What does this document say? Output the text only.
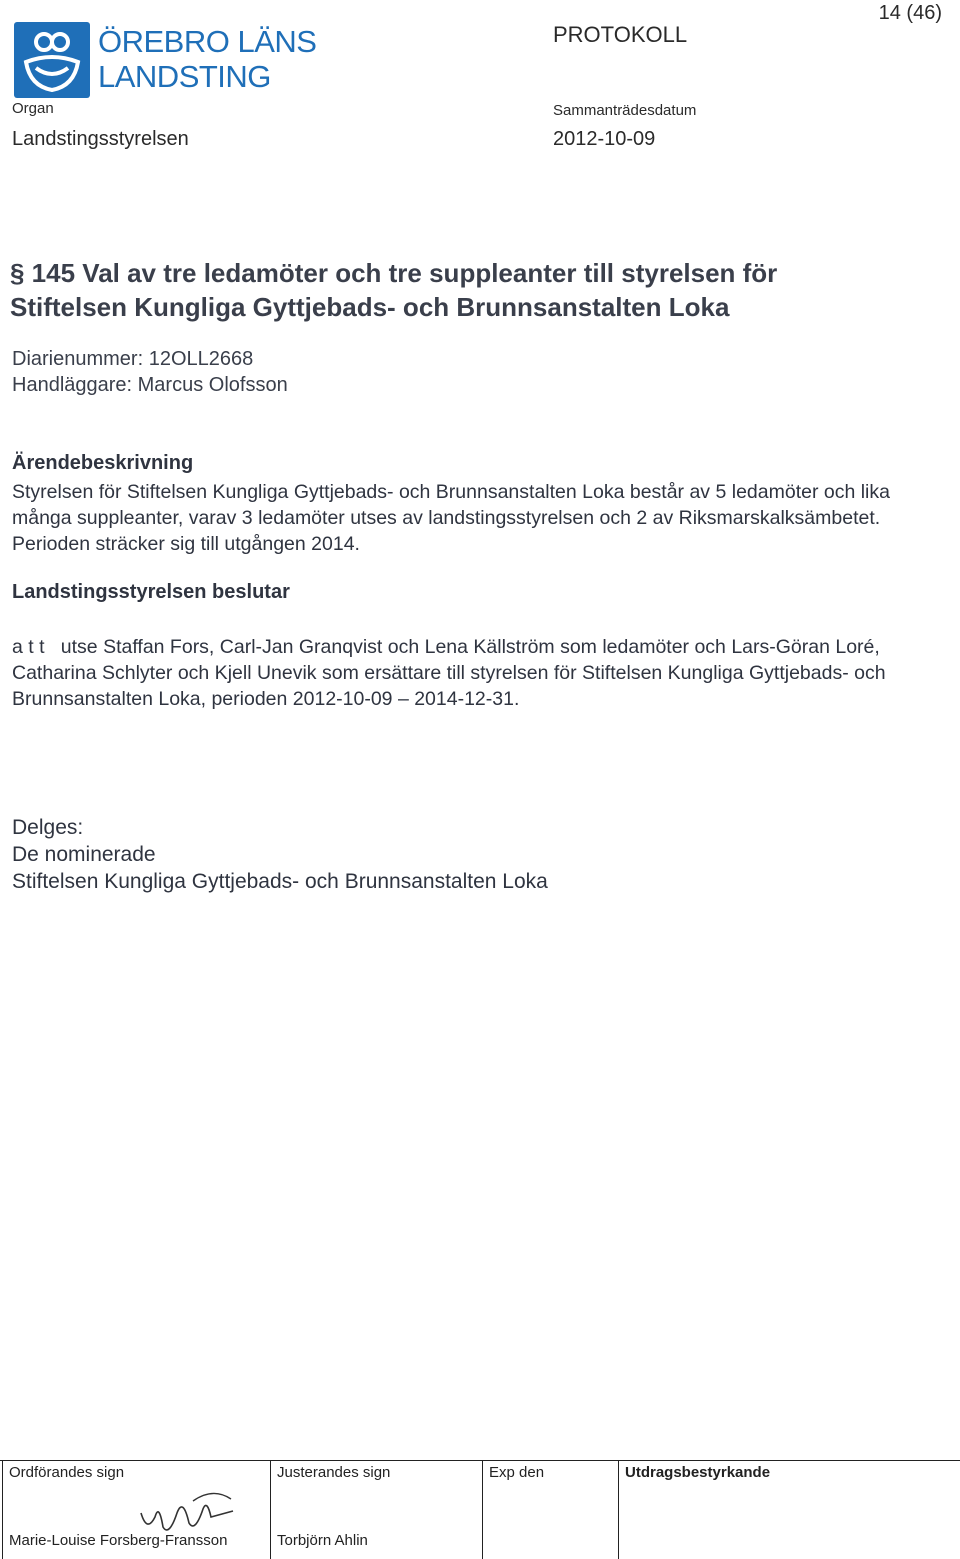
ÖREBRO LÄNS
LANDSTING
14 (46)
PROTOKOLL
Organ
Landstingsstyrelsen
Sammanträdesdatum
2012-10-09
§ 145 Val av tre ledamöter och tre suppleanter till styrelsen för
Stiftelsen Kungliga Gyttjebads- och Brunnsanstalten Loka
Diarienummer: 12OLL2668
Handläggare: Marcus Olofsson
Ärendebeskrivning
Styrelsen för Stiftelsen Kungliga Gyttjebads- och Brunnsanstalten Loka består av 5 ledamöter och lika många suppleanter, varav 3 ledamöter utses av landstingsstyrelsen och 2 av Riksmarskalksämbetet. Perioden sträcker sig till utgången 2014.
Landstingsstyrelsen beslutar
a t t utse Staffan Fors, Carl-Jan Granqvist och Lena Källström som ledamöter och Lars-Göran Loré, Catharina Schlyter och Kjell Unevik som ersättare till styrelsen för Stiftelsen Kungliga Gyttjebads- och Brunnsanstalten Loka, perioden 2012-10-09 – 2014-12-31.
Delges:
De nominerade
Stiftelsen Kungliga Gyttjebads- och Brunnsanstalten Loka
Ordförandes sign
Marie-Louise Forsberg-Fransson
Justerandes sign
Torbjörn Ahlin
Exp den	Utdragsbestyrkande
